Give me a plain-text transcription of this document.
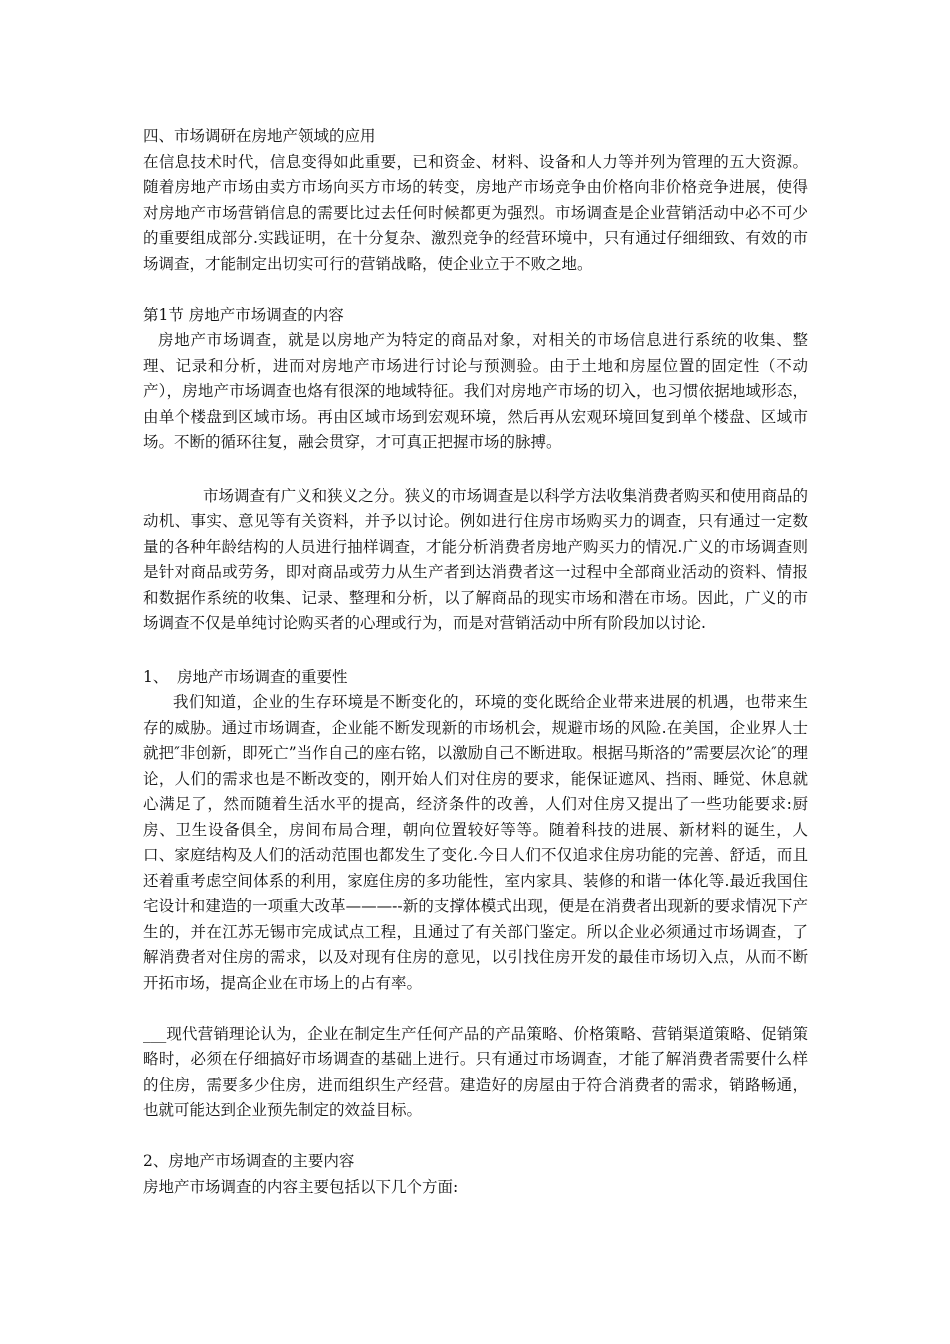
四、市场调研在房地产领域的应用

在信息技术时代，信息变得如此重要，已和资金、材料、设备和人力等并列为管理的五大资源。随着房地产市场由卖方市场向买方市场的转变，房地产市场竞争由价格向非价格竞争进展，使得对房地产市场营销信息的需要比过去任何时候都更为强烈。市场调查是企业营销活动中必不可少的重要组成部分.实践证明，在十分复杂、激烈竞争的经营环境中，只有通过仔细细致、有效的市场调查，才能制定出切实可行的营销战略，使企业立于不败之地。

第1节 房地产市场调查的内容

房地产市场调查，就是以房地产为特定的商品对象，对相关的市场信息进行系统的收集、整理、记录和分析，进而对房地产市场进行讨论与预测验。由于土地和房屋位置的固定性（不动产），房地产市场调查也烙有很深的地域特征。我们对房地产市场的切入，也习惯依据地域形态，由单个楼盘到区域市场。再由区域市场到宏观环境，然后再从宏观环境回复到单个楼盘、区域市场。不断的循环往复，融会贯穿，才可真正把握市场的脉搏。

市场调查有广义和狭义之分。狭义的市场调查是以科学方法收集消费者购买和使用商品的动机、事实、意见等有关资料，并予以讨论。例如进行住房市场购买力的调查，只有通过一定数量的各种年龄结构的人员进行抽样调查，才能分析消费者房地产购买力的情况.广义的市场调查则是针对商品或劳务，即对商品或劳力从生产者到达消费者这一过程中全部商业活动的资料、情报和数据作系统的收集、记录、整理和分析，以了解商品的现实市场和潜在市场。因此，广义的市场调查不仅是单纯讨论购买者的心理或行为，而是对营销活动中所有阶段加以讨论.

1、 房地产市场调查的重要性

我们知道，企业的生存环境是不断变化的，环境的变化既给企业带来进展的机遇，也带来生存的威胁。通过市场调查，企业能不断发现新的市场机会，规避市场的风险.在美国，企业界人士就把″非创新，即死亡”当作自己的座右铭，以激励自己不断进取。根据马斯洛的”需要层次论″的理论，人们的需求也是不断改变的，刚开始人们对住房的要求，能保证遮风、挡雨、睡觉、休息就心满足了，然而随着生活水平的提高，经济条件的改善，人们对住房又提出了一些功能要求:厨房、卫生设备俱全，房间布局合理，朝向位置较好等等。随着科技的进展、新材料的诞生，人口、家庭结构及人们的活动范围也都发生了变化.今日人们不仅追求住房功能的完善、舒适，而且还着重考虑空间体系的利用，家庭住房的多功能性，室内家具、装修的和谐一体化等.最近我国住宅设计和建造的一项重大改革———--新的支撑体模式出现，便是在消费者出现新的要求情况下产生的，并在江苏无锡市完成试点工程，且通过了有关部门鉴定。所以企业必须通过市场调查，了解消费者对住房的需求，以及对现有住房的意见，以引找住房开发的最佳市场切入点，从而不断开拓市场，提高企业在市场上的占有率。

___现代营销理论认为，企业在制定生产任何产品的产品策略、价格策略、营销渠道策略、促销策略时，必须在仔细搞好市场调查的基础上进行。只有通过市场调查，才能了解消费者需要什么样的住房，需要多少住房，进而组织生产经营。建造好的房屋由于符合消费者的需求，销路畅通，也就可能达到企业预先制定的效益目标。

2、房地产市场调查的主要内容

房地产市场调查的内容主要包括以下几个方面:
